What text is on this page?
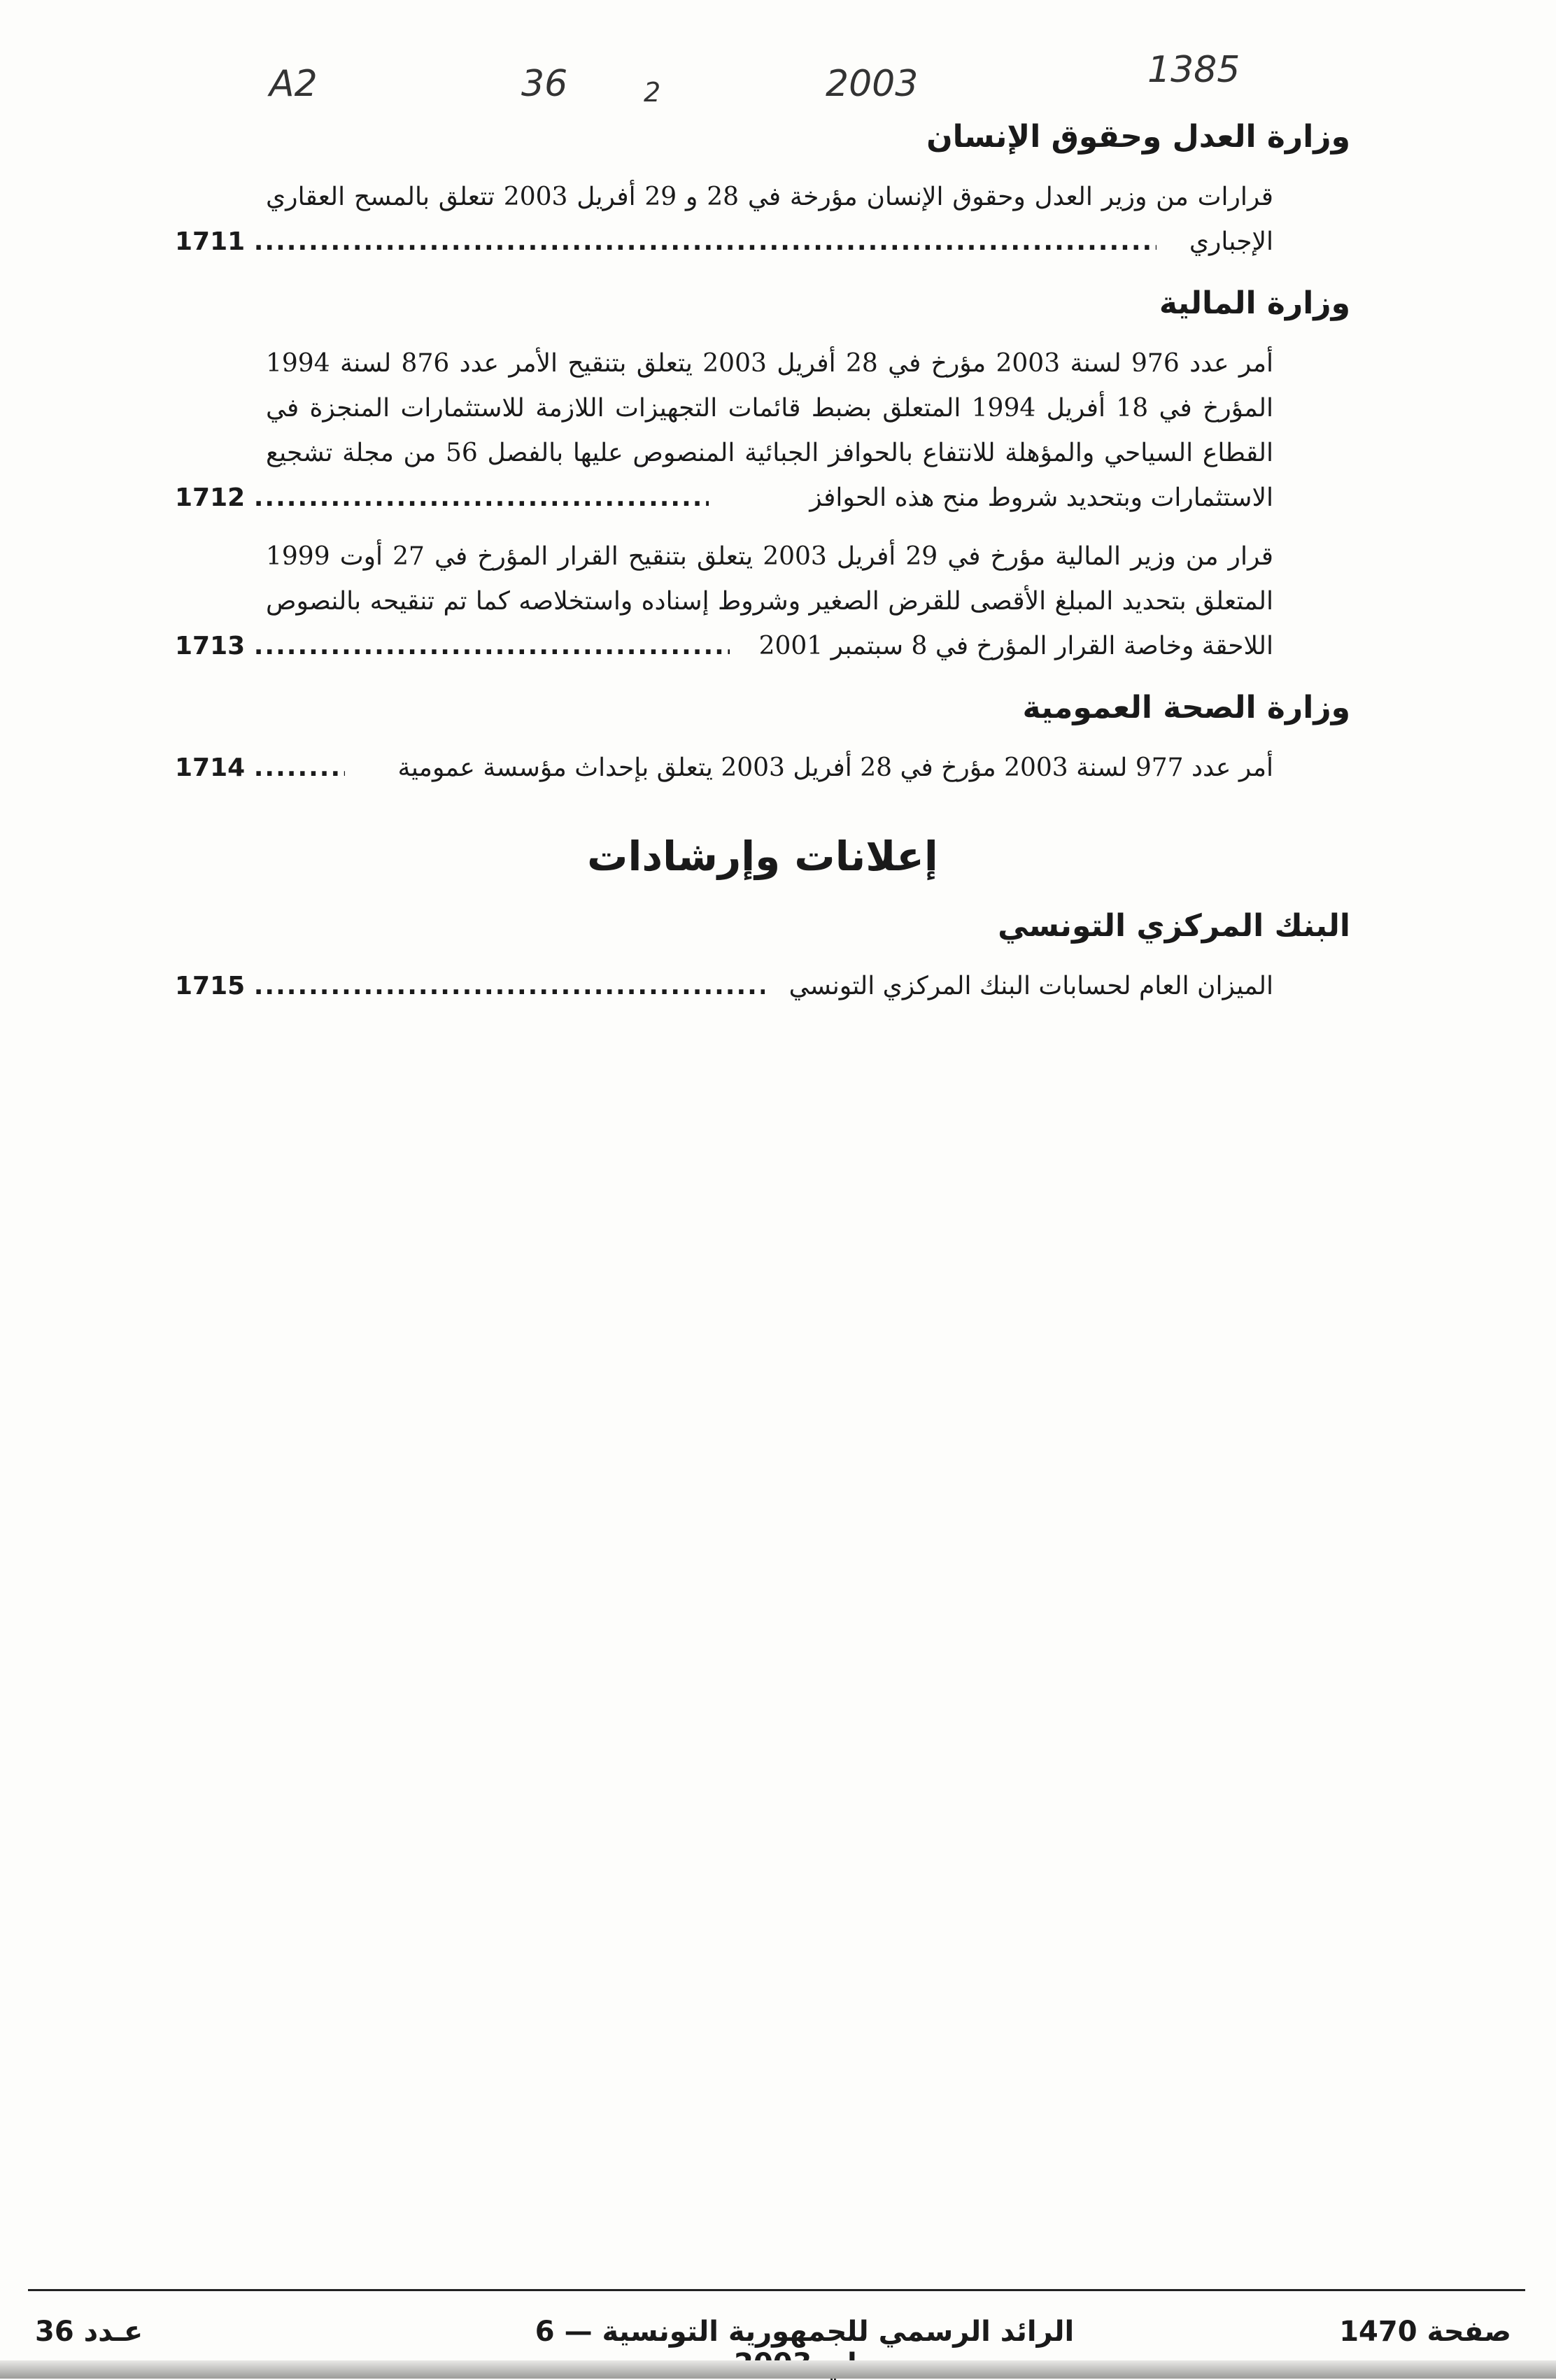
A2	36	2	2003	1385
وزارة العدل وحقوق الإنسان
قرارات من وزير العدل وحقوق الإنسان مؤرخة في 28 و 29 أفريل 2003 تتعلق بالمسح العقاري الإجباري
1711 .....
وزارة المالية
أمر عدد 976 لسنة 2003 مؤرخ في 28 أفريل 2003 يتعلق بتنقيح الأمر عدد 876 لسنة 1994 المؤرخ في 18 أفريل 1994 المتعلق بضبط قائمات التجهيزات اللازمة للاستثمارات المنجزة في القطاع السياحي والمؤهلة للانتفاع بالحوافز الجبائية المنصوص عليها بالفصل 56 من مجلة تشجيع الاستثمارات وبتحديد شروط منح هذه الحوافز
1712 .....
قرار من وزير المالية مؤرخ في 29 أفريل 2003 يتعلق بتنقيح القرار المؤرخ في 27 أوت 1999 المتعلق بتحديد المبلغ الأقصى للقرض الصغير وشروط إسناده واستخلاصه كما تم تنقيحه بالنصوص اللاحقة وخاصة القرار المؤرخ في 8 سبتمبر 2001
1713 .....
وزارة الصحة العمومية
أمر عدد 977 لسنة 2003 مؤرخ في 28 أفريل 2003 يتعلق بإحداث مؤسسة عمومية
1714 .....
إعلانات وإرشادات
البنك المركزي التونسي
الميزان العام لحسابات البنك المركزي التونسي
1715 .....
صفحة 1470
الرائد الرسمي للجمهورية التونسية — 6
عـدد 36
